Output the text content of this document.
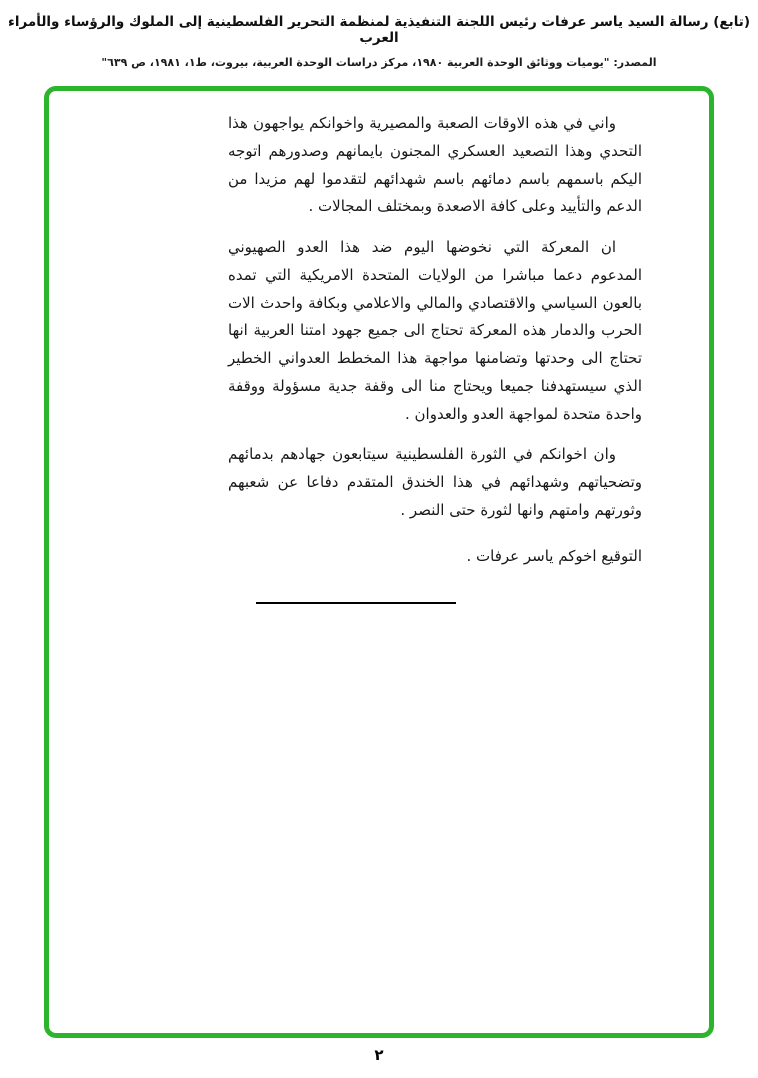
(تابع) رسالة السيد ياسر عرفات رئيس اللجنة التنفيذية لمنظمة التحرير الفلسطينية إلى الملوك والرؤساء والأمراء العرب
المصدر: "يوميات ووثائق الوحدة العربية ١٩٨٠، مركز دراسات الوحدة العربية، بيروت، ط١، ١٩٨١، ص ٦٣٩"

واني في هذه الاوقات الصعبة والمصيرية واخوانكم يواجهون هذا التحدي وهذا التصعيد العسكري المجنون بايمانهم وصدورهم اتوجه اليكم باسمهم باسم دمائهم باسم شهدائهم لتقدموا لهم مزيدا من الدعم والتأييد وعلى كافة الاصعدة وبمختلف المجالات .

ان المعركة التي نخوضها اليوم ضد هذا العدو الصهيوني المدعوم دعما مباشرا من الولايات المتحدة الامريكية التي تمده بالعون السياسي والاقتصادي والمالي والاعلامي وبكافة واحدث الات الحرب والدمار هذه المعركة تحتاج الى جميع جهود امتنا العربية انها تحتاج الى وحدتها وتضامنها مواجهة هذا المخطط العدواني الخطير الذي سيستهدفنا جميعا ويحتاج منا الى وقفة جدية مسؤولة ووقفة واحدة متحدة لمواجهة العدو والعدوان .

وان اخوانكم في الثورة الفلسطينية سيتابعون جهادهم بدمائهم وتضحياتهم وشهدائهم في هذا الخندق المتقدم دفاعا عن شعبهم وثورتهم وامتهم وانها لثورة حتى النصر .

التوقيع اخوكم ياسر عرفات .

٢
